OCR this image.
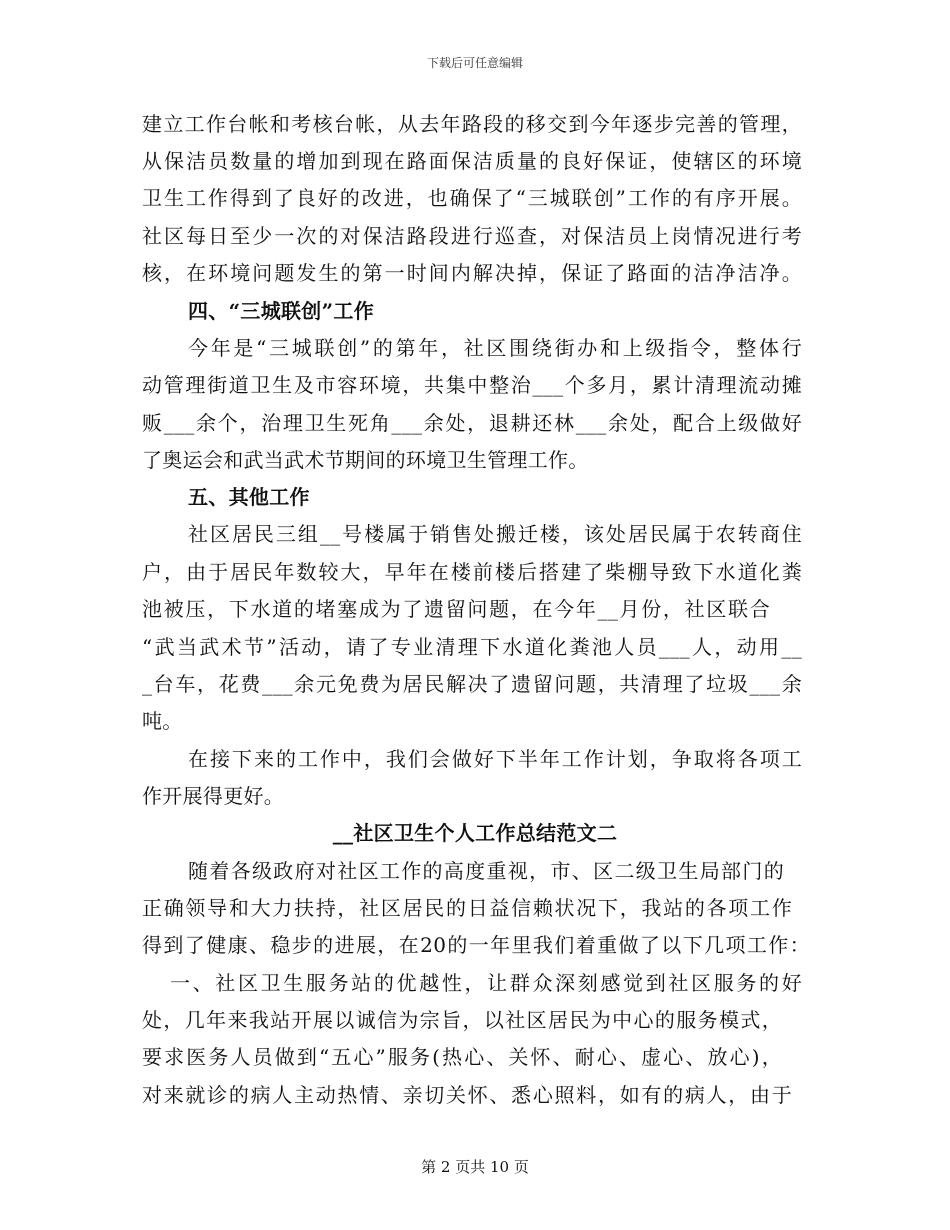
下载后可任意编辑
建立工作台帐和考核台帐，从去年路段的移交到今年逐步完善的管理，
从保洁员数量的增加到现在路面保洁质量的良好保证，使辖区的环境
卫生工作得到了良好的改进，也确保了“三城联创”工作的有序开展。
社区每日至少一次的对保洁路段进行巡查，对保洁员上岗情况进行考
核，在环境问题发生的第一时间内解决掉，保证了路面的洁净洁净。
四、“三城联创”工作
今年是“三城联创”的第年，社区围绕街办和上级指令，整体行
动管理街道卫生及市容环境，共集中整治___个多月，累计清理流动摊
贩___余个，治理卫生死角___余处，退耕还林___余处，配合上级做好
了奥运会和武当武术节期间的环境卫生管理工作。
五、其他工作
社区居民三组__号楼属于销售处搬迁楼，该处居民属于农转商住
户，由于居民年数较大，早年在楼前楼后搭建了柴棚导致下水道化粪
池被压，下水道的堵塞成为了遗留问题，在今年__月份，社区联合
“武当武术节”活动，请了专业清理下水道化粪池人员___人，动用__
_台车，花费___余元免费为居民解决了遗留问题，共清理了垃圾___余
吨。
在接下来的工作中，我们会做好下半年工作计划，争取将各项工
作开展得更好。
__社区卫生个人工作总结范文二
随着各级政府对社区工作的高度重视，市、区二级卫生局部门的
正确领导和大力扶持，社区居民的日益信赖状况下，我站的各项工作
得到了健康、稳步的进展，在20的一年里我们着重做了以下几项工作：
一、社区卫生服务站的优越性，让群众深刻感觉到社区服务的好
处，几年来我站开展以诚信为宗旨，以社区居民为中心的服务模式，
要求医务人员做到“五心”服务(热心、关怀、耐心、虚心、放心)，
对来就诊的病人主动热情、亲切关怀、悉心照料，如有的病人，由于
第 2 页共 10 页
